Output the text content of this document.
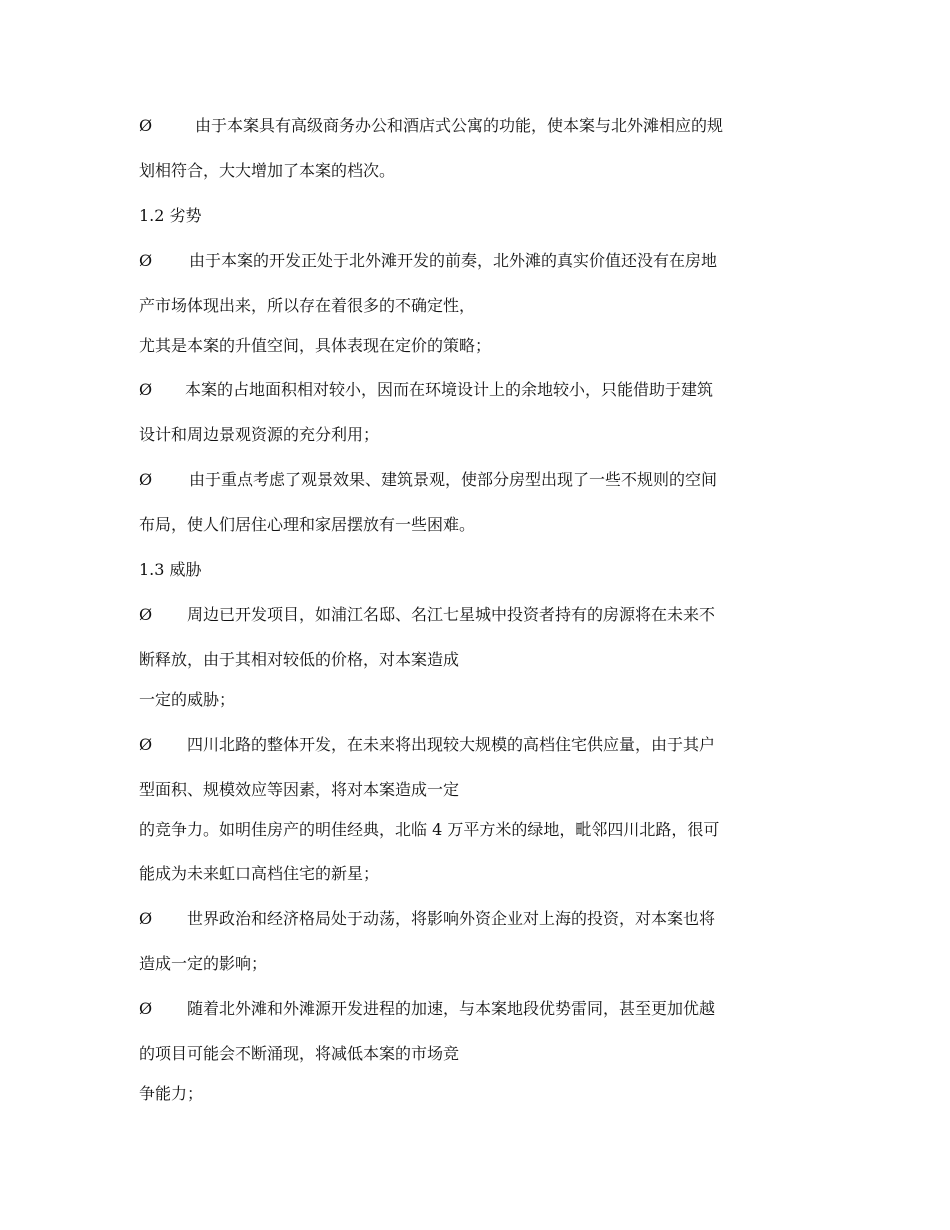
Ø	由于本案具有高级商务办公和酒店式公寓的功能，使本案与北外滩相应的规
划相符合，大大增加了本案的档次。
1.2 劣势
Ø 由于本案的开发正处于北外滩开发的前奏，北外滩的真实价值还没有在房地
产市场体现出来，所以存在着很多的不确定性，
尤其是本案的升值空间，具体表现在定价的策略；
Ø 本案的占地面积相对较小，因而在环境设计上的余地较小，只能借助于建筑
设计和周边景观资源的充分利用；
Ø 由于重点考虑了观景效果、建筑景观，使部分房型出现了一些不规则的空间
布局，使人们居住心理和家居摆放有一些困难。
1.3 威胁
Ø 周边已开发项目，如浦江名邸、名江七星城中投资者持有的房源将在未来不
断释放，由于其相对较低的价格，对本案造成
一定的威胁；
Ø 四川北路的整体开发，在未来将出现较大规模的高档住宅供应量，由于其户
型面积、规模效应等因素，将对本案造成一定
的竞争力。如明佳房产的明佳经典，北临 4 万平方米的绿地，毗邻四川北路，很可
能成为未来虹口高档住宅的新星；
Ø 世界政治和经济格局处于动荡，将影响外资企业对上海的投资，对本案也将
造成一定的影响；
Ø 随着北外滩和外滩源开发进程的加速，与本案地段优势雷同，甚至更加优越
的项目可能会不断涌现，将减低本案的市场竞
争能力；
